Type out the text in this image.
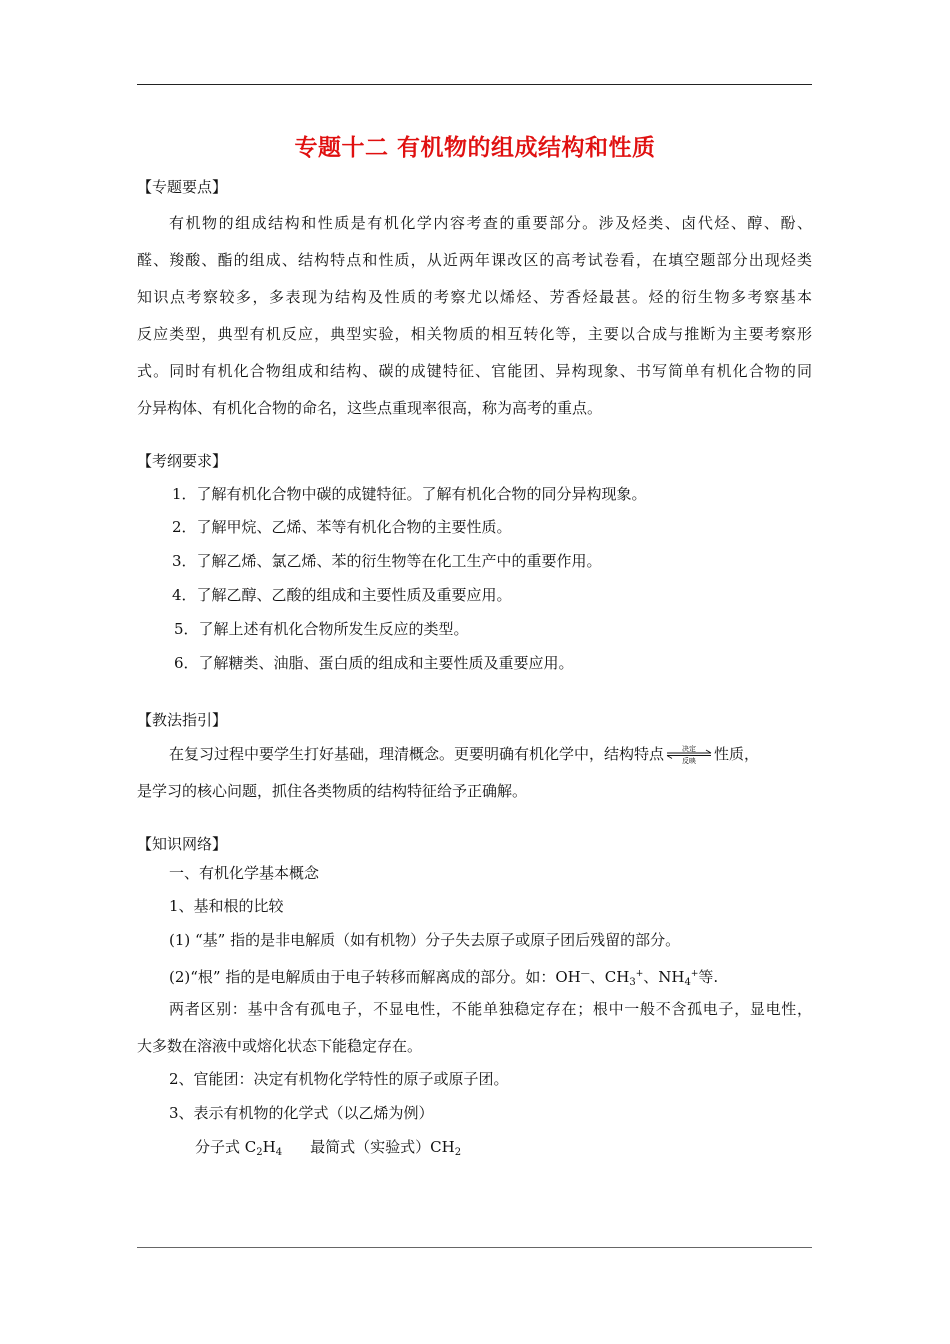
专题十二 有机物的组成结构和性质
【专题要点】
有机物的组成结构和性质是有机化学内容考查的重要部分。涉及烃类、卤代烃、醇、酚、
醛、羧酸、酯的组成、结构特点和性质，从近两年课改区的高考试卷看，在填空题部分出现烃类
知识点考察较多，多表现为结构及性质的考察尤以烯烃、芳香烃最甚。烃的衍生物多考察基本
反应类型，典型有机反应，典型实验，相关物质的相互转化等，主要以合成与推断为主要考察形
式。同时有机化合物组成和结构、碳的成键特征、官能团、异构现象、书写简单有机化合物的同
分异构体、有机化合物的命名，这些点重现率很高，称为高考的重点。
【考纲要求】
1．了解有机化合物中碳的成键特征。了解有机化合物的同分异构现象。
2．了解甲烷、乙烯、苯等有机化合物的主要性质。
3．了解乙烯、氯乙烯、苯的衍生物等在化工生产中的重要作用。
4．了解乙醇、乙酸的组成和主要性质及重要应用。
5．了解上述有机化合物所发生反应的类型。
6．了解糖类、油脂、蛋白质的组成和主要性质及重要应用。
【教法指引】
在复习过程中要学生打好基础，理清概念。更要明确有机化学中，结构特点	决定
反映 性质，
是学习的核心问题，抓住各类物质的结构特征给予正确解。
【知识网络】
一、有机化学基本概念
1、基和根的比较
(1) “基” 指的是非电解质（如有机物）分子失去原子或原子团后残留的部分。
(2)“根” 指的是电解质由于电子转移而解离成的部分。如：OH—、$CH_3^+$、$NH_4^+$等.
两者区别：基中含有孤电子，不显电性，不能单独稳定存在；根中一般不含孤电子，显电性，
大多数在溶液中或熔化状态下能稳定存在。
2、官能团：决定有机物化学特性的原子或原子团。
3、表示有机物的化学式（以乙烯为例）
分子式 $C_2H_4$ 最简式（实验式）$CH_2$
